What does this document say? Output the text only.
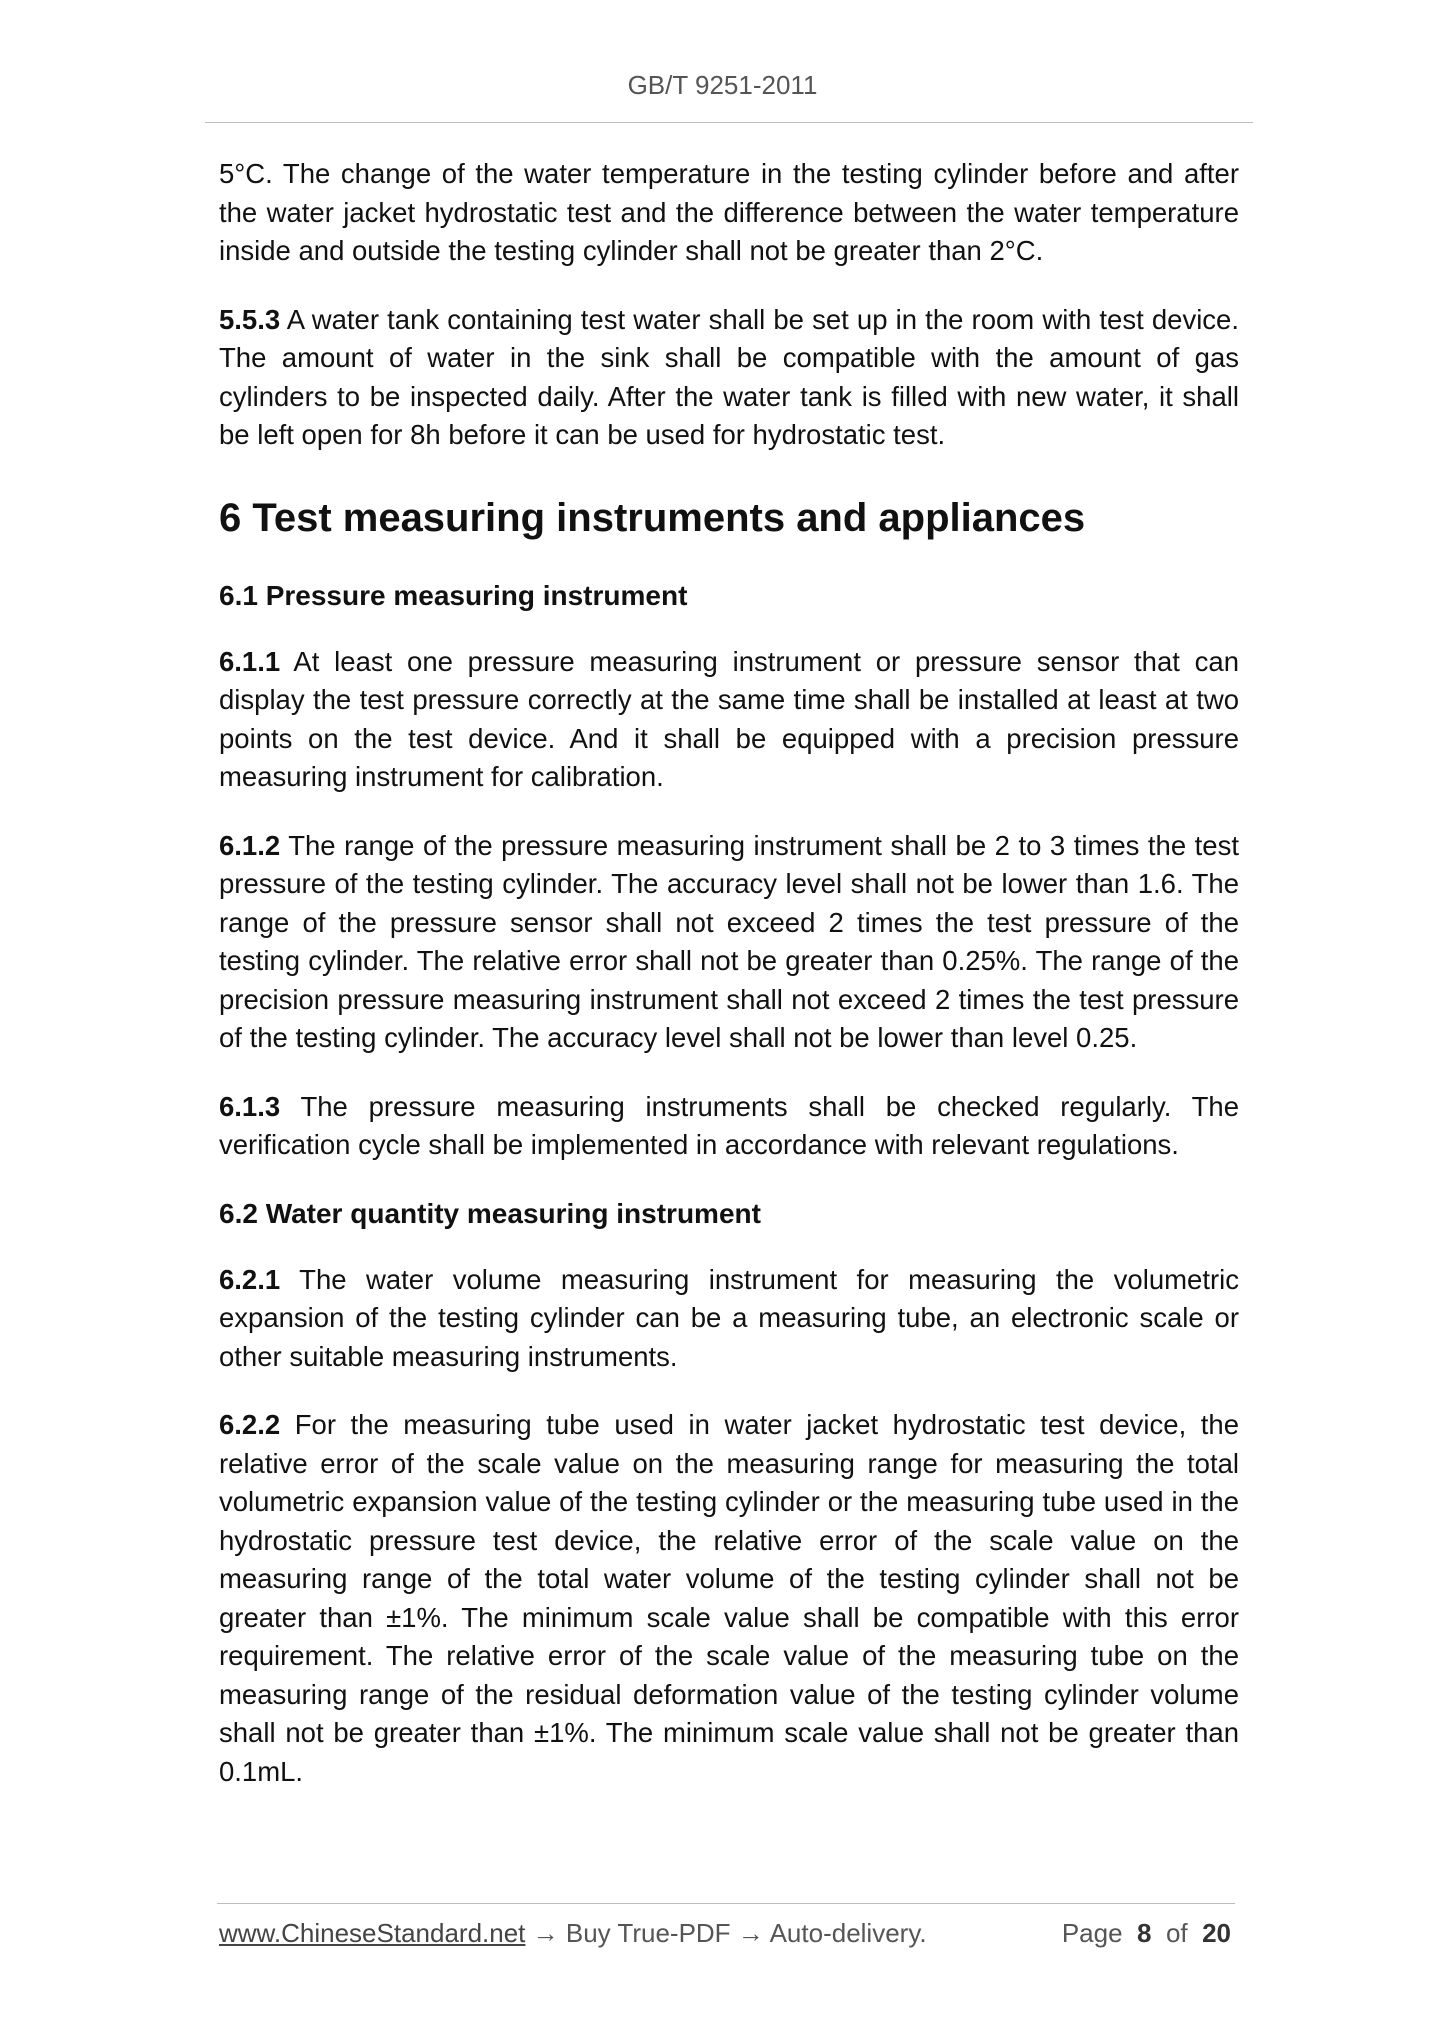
GB/T 9251-2011

5°C. The change of the water temperature in the testing cylinder before and after the water jacket hydrostatic test and the difference between the water temperature inside and outside the testing cylinder shall not be greater than 2°C.

5.5.3 A water tank containing test water shall be set up in the room with test device. The amount of water in the sink shall be compatible with the amount of gas cylinders to be inspected daily. After the water tank is filled with new water, it shall be left open for 8h before it can be used for hydrostatic test.

6 Test measuring instruments and appliances
6.1 Pressure measuring instrument

6.1.1 At least one pressure measuring instrument or pressure sensor that can display the test pressure correctly at the same time shall be installed at least at two points on the test device. And it shall be equipped with a precision pressure measuring instrument for calibration.

6.1.2 The range of the pressure measuring instrument shall be 2 to 3 times the test pressure of the testing cylinder. The accuracy level shall not be lower than 1.6. The range of the pressure sensor shall not exceed 2 times the test pressure of the testing cylinder. The relative error shall not be greater than 0.25%. The range of the precision pressure measuring instrument shall not exceed 2 times the test pressure of the testing cylinder. The accuracy level shall not be lower than level 0.25.

6.1.3 The pressure measuring instruments shall be checked regularly. The verification cycle shall be implemented in accordance with relevant regulations.

6.2 Water quantity measuring instrument

6.2.1 The water volume measuring instrument for measuring the volumetric expansion of the testing cylinder can be a measuring tube, an electronic scale or other suitable measuring instruments.

6.2.2 For the measuring tube used in water jacket hydrostatic test device, the relative error of the scale value on the measuring range for measuring the total volumetric expansion value of the testing cylinder or the measuring tube used in the hydrostatic pressure test device, the relative error of the scale value on the measuring range of the total water volume of the testing cylinder shall not be greater than ±1%. The minimum scale value shall be compatible with this error requirement. The relative error of the scale value of the measuring tube on the measuring range of the residual deformation value of the testing cylinder volume shall not be greater than ±1%. The minimum scale value shall not be greater than 0.1mL.

www.ChineseStandard.net → Buy True-PDF → Auto-delivery.	Page 8 of 20
